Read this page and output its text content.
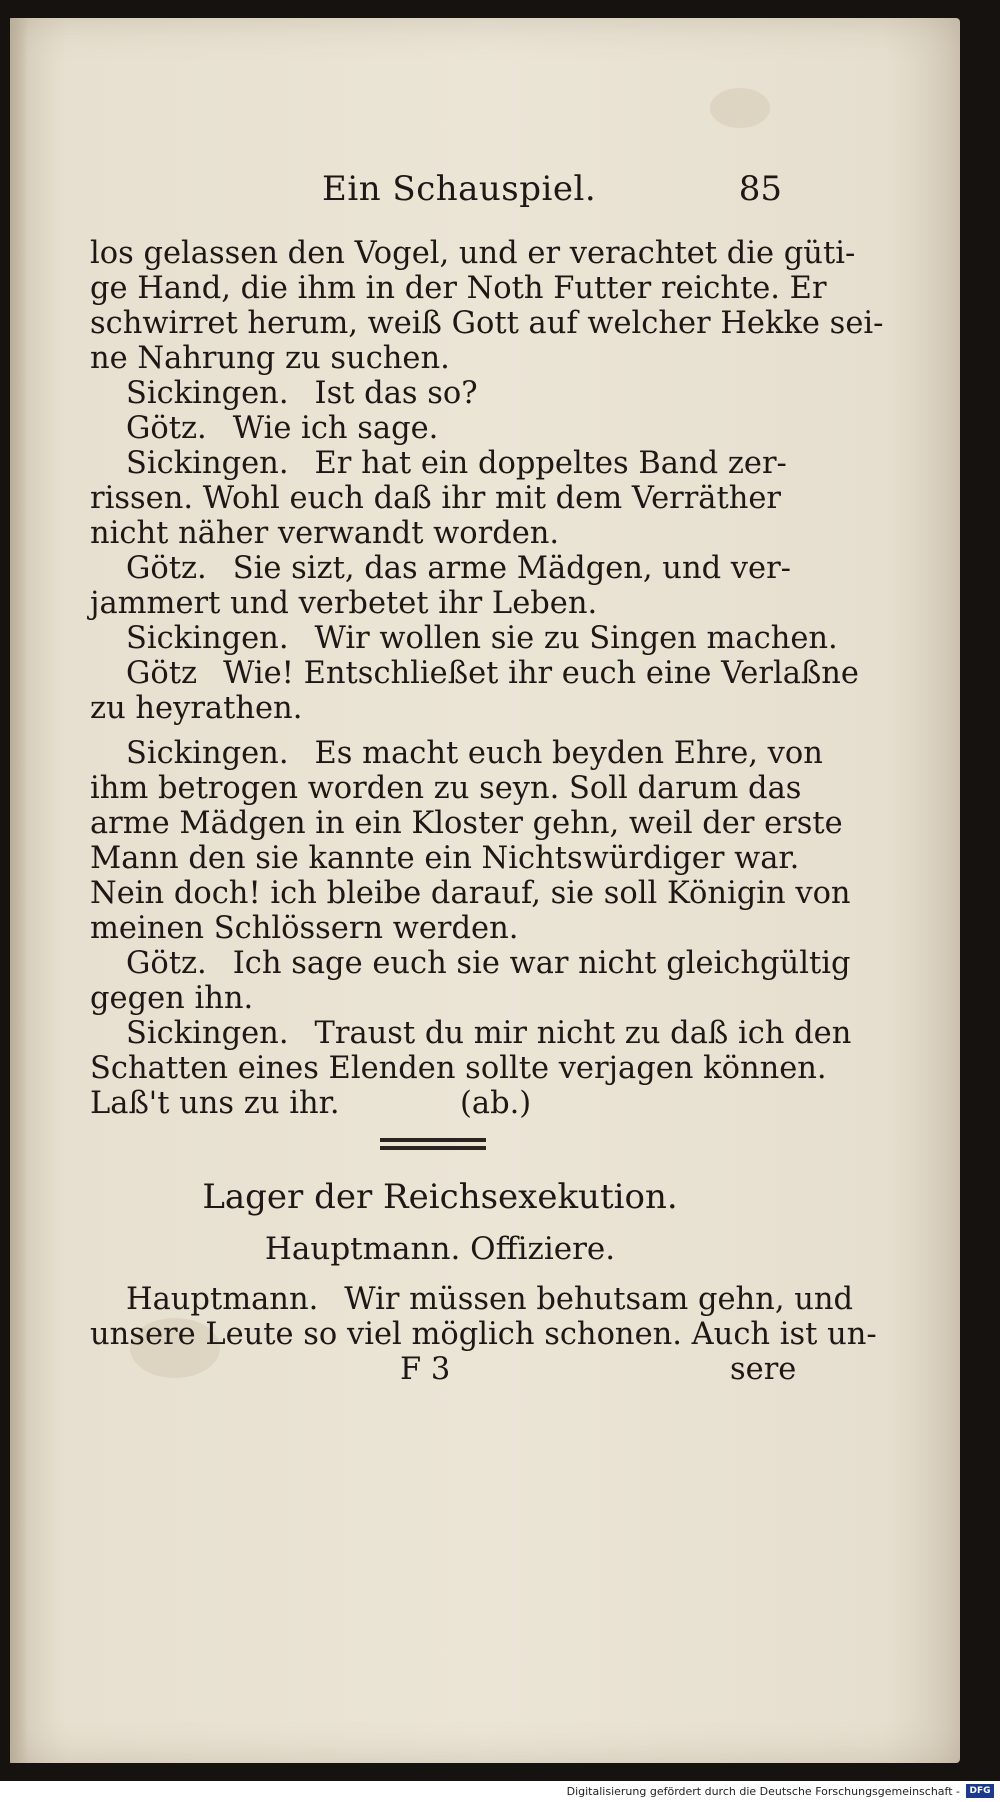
Ein Schauspiel.	85
los gelassen den Vogel, und er verachtet die güti-
ge Hand, die ihm in der Noth Futter reichte. Er
schwirret herum, weiß Gott auf welcher Hekke sei-
ne Nahrung zu suchen.
Sickingen. Ist das so?
Götz. Wie ich sage.
Sickingen. Er hat ein doppeltes Band zer-
rissen. Wohl euch daß ihr mit dem Verräther
nicht näher verwandt worden.
Götz. Sie sizt, das arme Mädgen, und ver-
jammert und verbetet ihr Leben.
Sickingen. Wir wollen sie zu Singen machen.
Götz Wie! Entschließet ihr euch eine Verlaßne
zu heyrathen.
Sickingen. Es macht euch beyden Ehre, von
ihm betrogen worden zu seyn. Soll darum das
arme Mädgen in ein Kloster gehn, weil der erste
Mann den sie kannte ein Nichtswürdiger war.
Nein doch! ich bleibe darauf, sie soll Königin von
meinen Schlössern werden.
Götz. Ich sage euch sie war nicht gleichgültig
gegen ihn.
Sickingen. Traust du mir nicht zu daß ich den
Schatten eines Elenden sollte verjagen können.
Laß't uns zu ihr.	(ab.)
Lager der Reichsexekution.
Hauptmann. Offiziere.
Hauptmann. Wir müssen behutsam gehn, und
unsere Leute so viel möglich schonen. Auch ist un-
F 3	sere
Digitalisierung gefördert durch die Deutsche Forschungsgemeinschaft -	DFG
